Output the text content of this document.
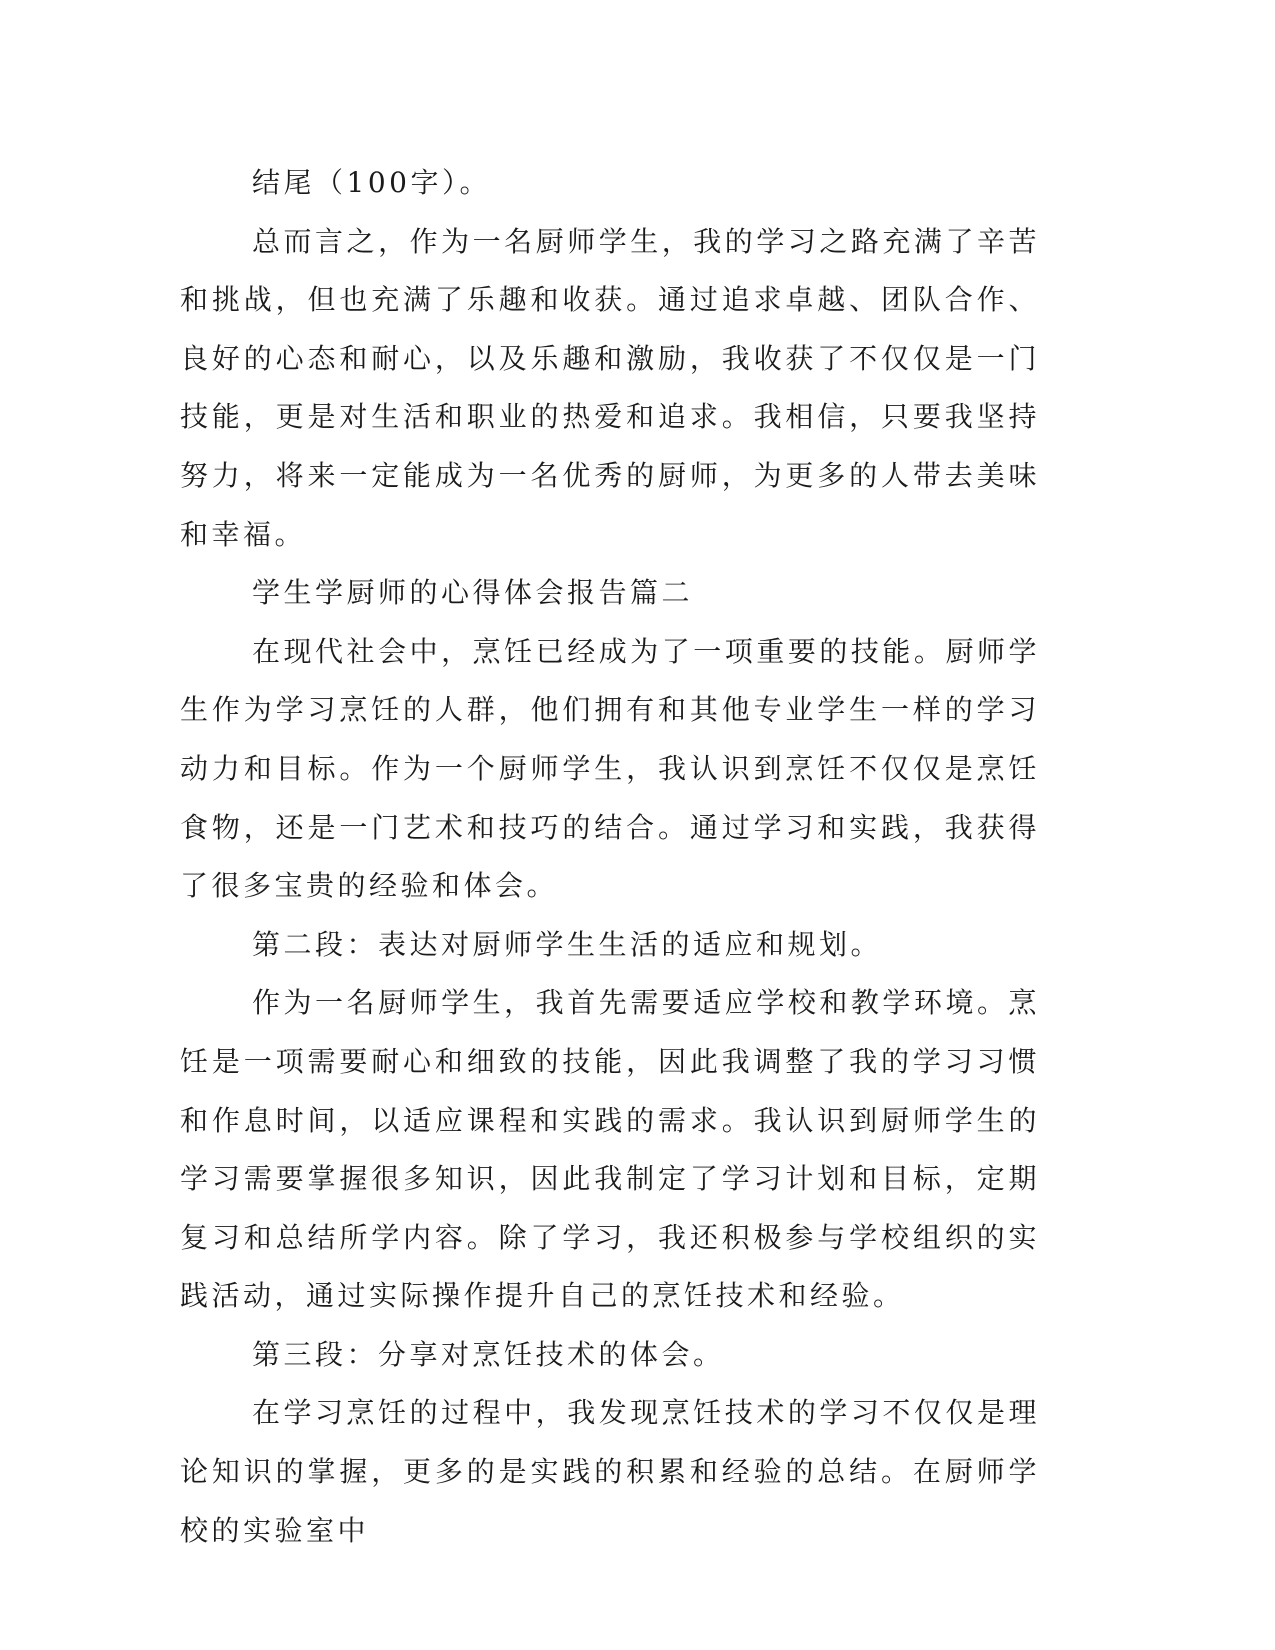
结尾（100字）。

总而言之，作为一名厨师学生，我的学习之路充满了辛苦和挑战，但也充满了乐趣和收获。通过追求卓越、团队合作、良好的心态和耐心，以及乐趣和激励，我收获了不仅仅是一门技能，更是对生活和职业的热爱和追求。我相信，只要我坚持努力，将来一定能成为一名优秀的厨师，为更多的人带去美味和幸福。

学生学厨师的心得体会报告篇二

在现代社会中，烹饪已经成为了一项重要的技能。厨师学生作为学习烹饪的人群，他们拥有和其他专业学生一样的学习动力和目标。作为一个厨师学生，我认识到烹饪不仅仅是烹饪食物，还是一门艺术和技巧的结合。通过学习和实践，我获得了很多宝贵的经验和体会。

第二段：表达对厨师学生生活的适应和规划。

作为一名厨师学生，我首先需要适应学校和教学环境。烹饪是一项需要耐心和细致的技能，因此我调整了我的学习习惯和作息时间，以适应课程和实践的需求。我认识到厨师学生的学习需要掌握很多知识，因此我制定了学习计划和目标，定期复习和总结所学内容。除了学习，我还积极参与学校组织的实践活动，通过实际操作提升自己的烹饪技术和经验。

第三段：分享对烹饪技术的体会。

在学习烹饪的过程中，我发现烹饪技术的学习不仅仅是理论知识的掌握，更多的是实践的积累和经验的总结。在厨师学校的实验室中
